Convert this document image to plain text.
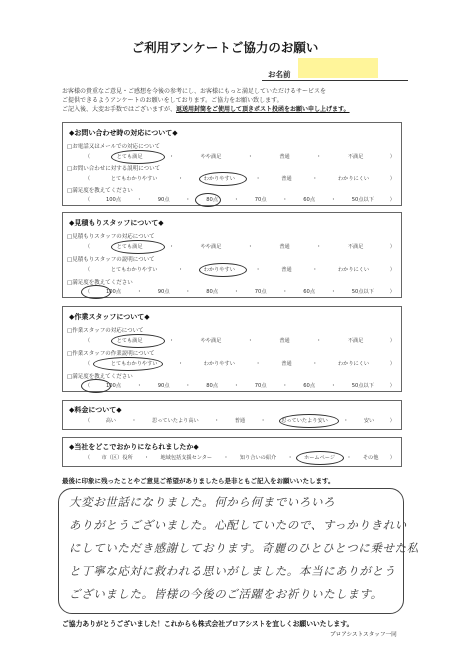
ご利用アンケートご協力のお願い
お名前
お客様の貴重なご意見・ご感想を今後の参考にし、お客様にもっと満足していただけるサービスを
ご提供できるようアンケートのお願いをしております。ご協力をお願い致します。
ご記入後、大変お手数ではございますが、返送用封筒をご使用して頂きポスト投函をお願い申し上げます。
◆お問い合わせ時の対応について◆
□お電話又はメールでの対応について
（	とても満足	・	やや満足	・	普通	・	不満足	）
□お問い合わせに対する説明について
（	とてもわかりやすい	・	わかりやすい	・	普通	・	わかりにくい	）
□満足度を教えてください
（	100点	・	90点	・	80点	・	70点	・	60点	・	50点以下	）
◆見積もりスタッフについて◆
□見積もりスタッフの対応について
（	とても満足	・	やや満足	・	普通	・	不満足	）
□見積もりスタッフの説明について
（	とてもわかりやすい	・	わかりやすい	・	普通	・	わかりにくい	）
□満足度を教えてください
（	100点	・	90点	・	80点	・	70点	・	60点	・	50点以下	）
◆作業スタッフについて◆
□作業スタッフの対応について
（	とても満足	・	やや満足	・	普通	・	不満足	）
□作業スタッフの作業説明について
（	とてもわかりやすい	・	わかりやすい	・	普通	・	わかりにくい	）
□満足度を教えてください
（	100点	・	90点	・	80点	・	70点	・	60点	・	50点以下	）
◆料金について◆
（	高い	・	思っていたより高い	・	普通	・	思っていたより安い	・	安い	）
◆当社をどこでおかりになられましたか◆
（ 市（区）役所 ・ 地域包括支援センター ・ 知り合いの紹介 ・ ホームページ ・ その他 ）
最後に印象に残ったことやご意見ご希望がありましたら是非ともご記入をお願いいたします。
大変お世話になりました。何から何までいろいろ
ありがとうございました。心配していたので、すっかりきれい
にしていただき感謝しております。奇麗のひとひとつに乗せた私
と丁寧な応対に救われる思いがしました。本当にありがとう
ございました。皆様の今後のご活躍をお祈りいたします。
ご協力ありがとうございました！これからも株式会社プロアシストを宜しくお願いいたします。
プロアシストスタッフ一同
